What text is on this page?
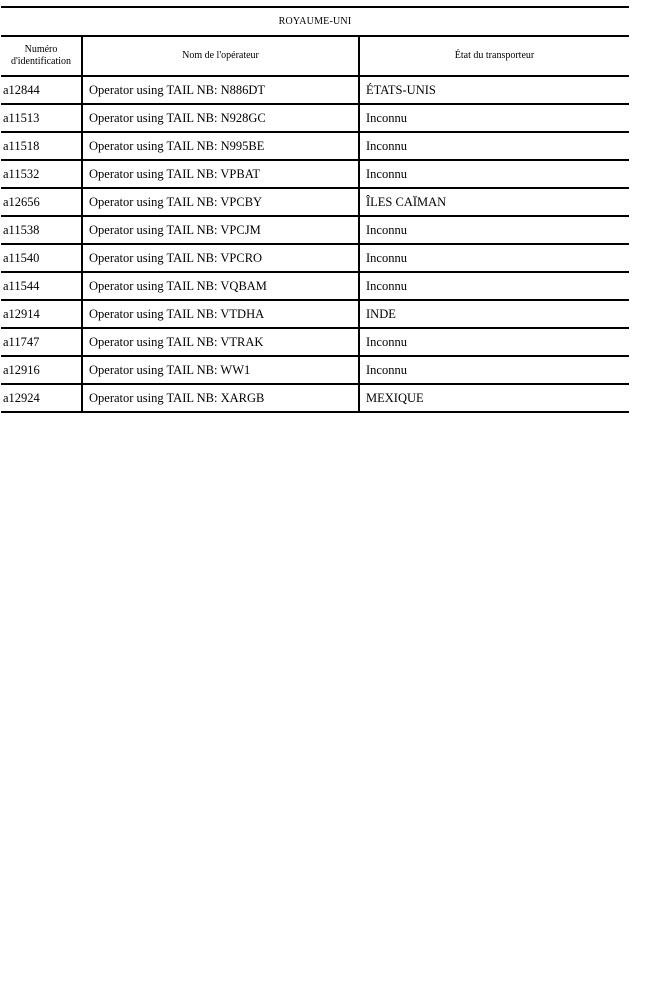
ROYAUME-UNI		
Numéro
d'identification	Nom de l'opérateur	État du transporteur
a12844	Operator using TAIL NB: N886DT	ÉTATS-UNIS
a11513	Operator using TAIL NB: N928GC	Inconnu
a11518	Operator using TAIL NB: N995BE	Inconnu
a11532	Operator using TAIL NB: VPBAT	Inconnu
a12656	Operator using TAIL NB: VPCBY	ÎLES CAÏMAN
a11538	Operator using TAIL NB: VPCJM	Inconnu
a11540	Operator using TAIL NB: VPCRO	Inconnu
a11544	Operator using TAIL NB: VQBAM	Inconnu
a12914	Operator using TAIL NB: VTDHA	INDE
a11747	Operator using TAIL NB: VTRAK	Inconnu
a12916	Operator using TAIL NB: WW1	Inconnu
a12924	Operator using TAIL NB: XARGB	MEXIQUE
